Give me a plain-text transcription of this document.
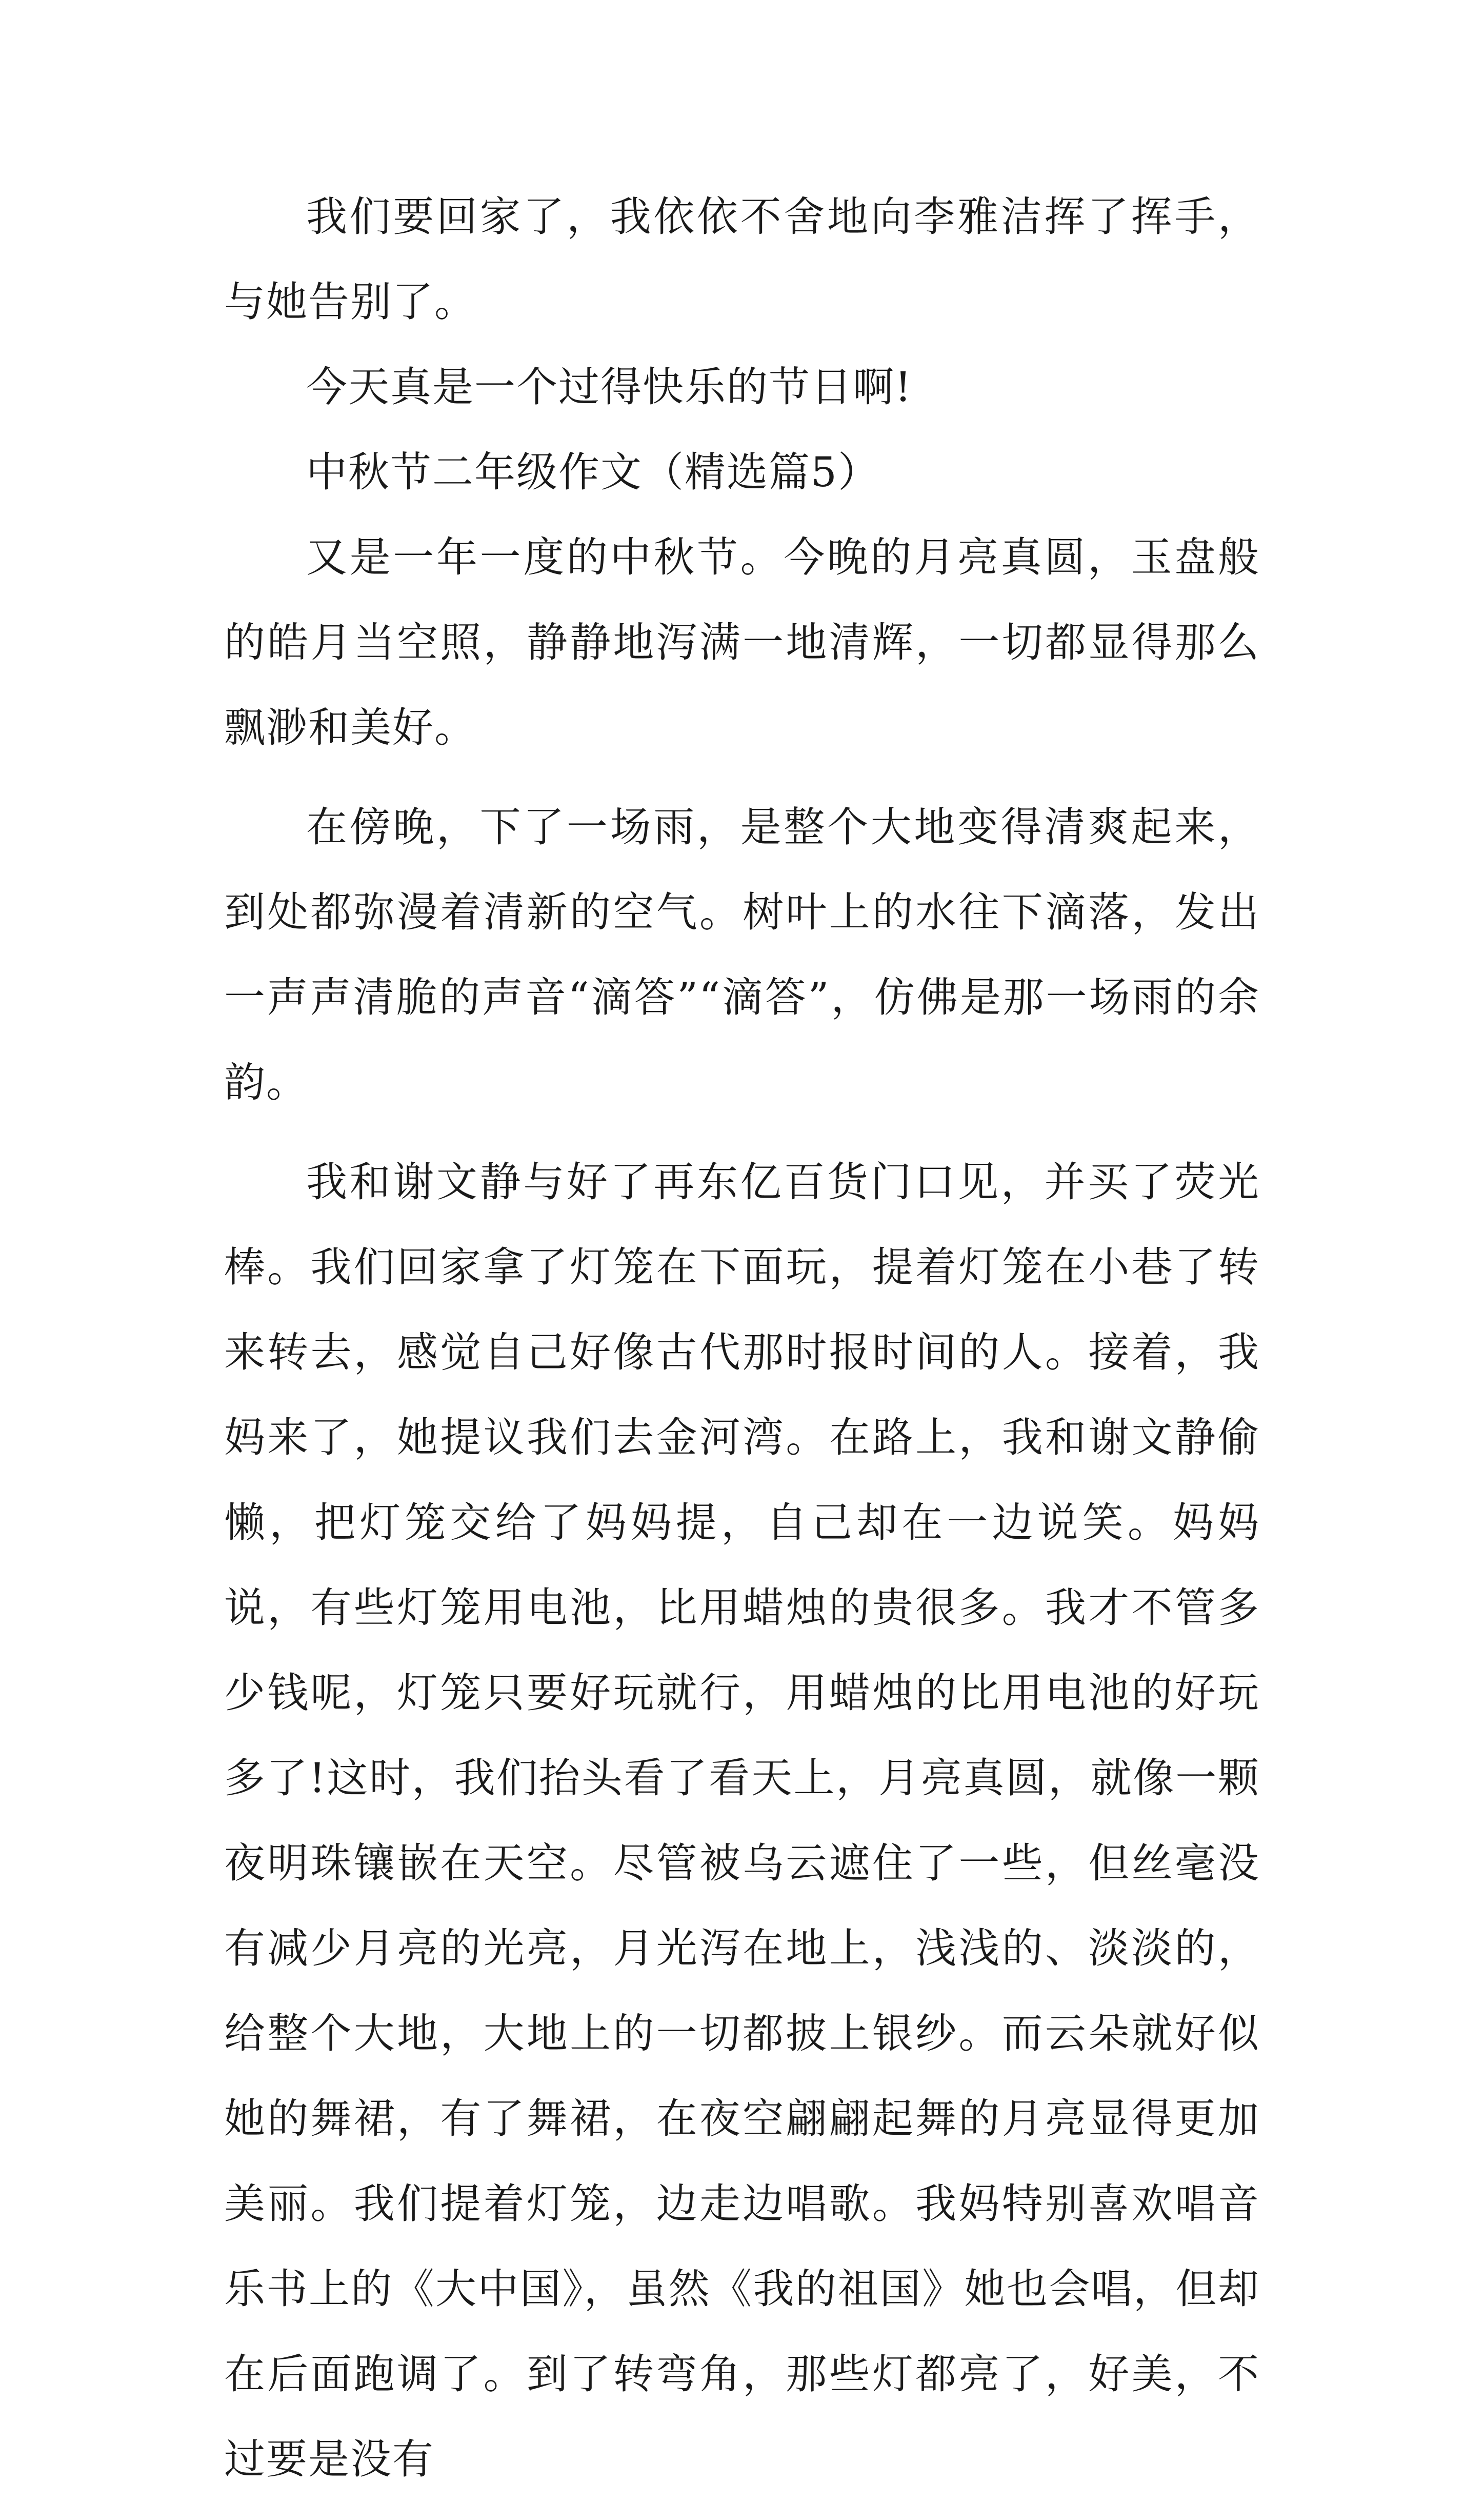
我们要回家了，我依依不舍地向李雅洁挥了挥手，与她告别了。

今天真是一个过得快乐的节日啊!

中秋节二年级作文（精选篇5）

又是一年一度的中秋节。今晚的月亮真圆，玉盘般的皓月当空照，静静地泻满一地清辉，一切都显得那么飘渺和美好。

在傍晚，下了一场雨，是整个大地变得清爽起来，到处都弥漫着清新的空气。树叶上的水往下滴落，发出一声声清脆的声音“滴答”“滴答”，仿佛是那一场雨的余韵。

我和谢文静与好了再东亿百货门口见，并买了荧光棒。我们回家拿了灯笼在下面玩，提着灯笼在小巷了转来转去，感觉自己好像古代那时报时间的人。接着，我妈来了，她提议我们去金河湾。在路上，我和谢文静偷懒，把灯笼交给了妈妈提，自己却在一边说笑。妈妈说，有些灯笼用电池，比用蜡烛的贵很多。我才不管多少钱呢，灯笼只要好玩就行，用蜡烛的比用电池的好玩多了!这时，我们抬头看了看天上，月亮真圆，就像一颗夜明珠镶嵌在天空。尽管被乌云遮住了一些，但丝毫没有减少月亮的光亮，月光泻在地上，浅浅的、淡淡的，给整个大地，大地上的一切都披上银纱。而云朵就好似她的舞裙，有了舞裙，在夜空翩翩起舞的月亮显得更加美丽。我们提着灯笼，边走边唱歌。我妈特别喜欢唱音乐书上的《大中国》，虽然《我的祖国》她也会唱，但却在后面跑调了。到了转弯角，那些灯都亮了，好美，不过要是没有
